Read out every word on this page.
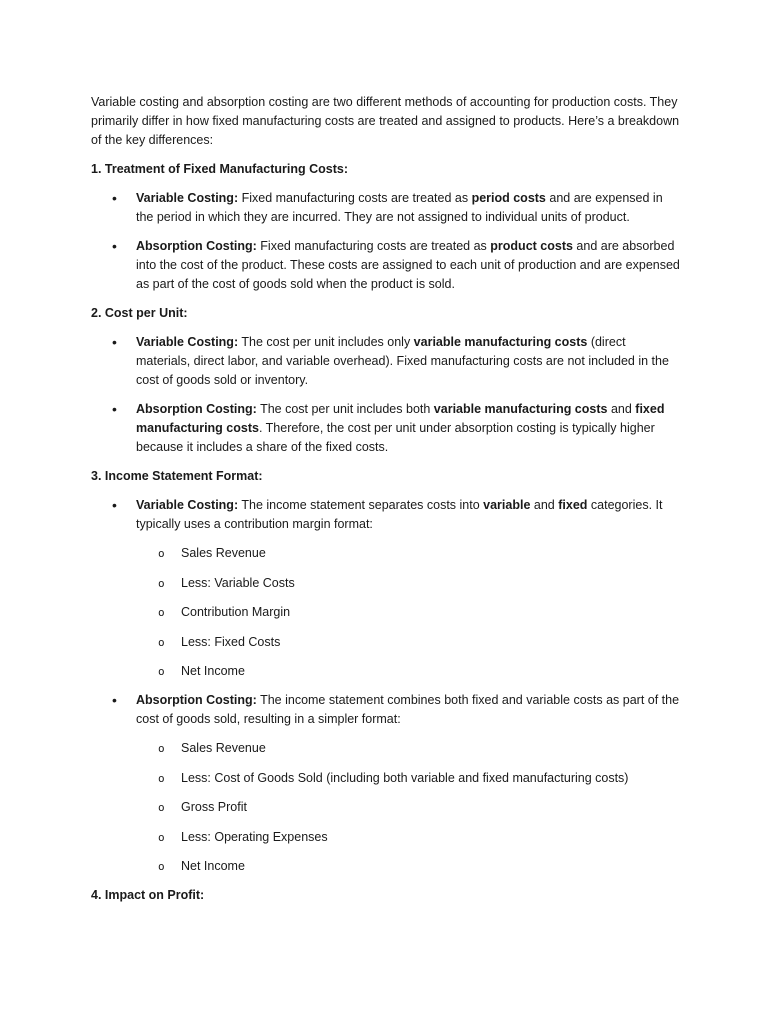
Variable costing and absorption costing are two different methods of accounting for production costs. They primarily differ in how fixed manufacturing costs are treated and assigned to products. Here’s a breakdown of the key differences:

1. Treatment of Fixed Manufacturing Costs:

• Variable Costing: Fixed manufacturing costs are treated as period costs and are expensed in the period in which they are incurred. They are not assigned to individual units of product.
• Absorption Costing: Fixed manufacturing costs are treated as product costs and are absorbed into the cost of the product. These costs are assigned to each unit of production and are expensed as part of the cost of goods sold when the product is sold.

2. Cost per Unit:

• Variable Costing: The cost per unit includes only variable manufacturing costs (direct materials, direct labor, and variable overhead). Fixed manufacturing costs are not included in the cost of goods sold or inventory.
• Absorption Costing: The cost per unit includes both variable manufacturing costs and fixed manufacturing costs. Therefore, the cost per unit under absorption costing is typically higher because it includes a share of the fixed costs.

3. Income Statement Format:

• Variable Costing: The income statement separates costs into variable and fixed categories. It typically uses a contribution margin format:
o Sales Revenue
o Less: Variable Costs
o Contribution Margin
o Less: Fixed Costs
o Net Income
• Absorption Costing: The income statement combines both fixed and variable costs as part of the cost of goods sold, resulting in a simpler format:
o Sales Revenue
o Less: Cost of Goods Sold (including both variable and fixed manufacturing costs)
o Gross Profit
o Less: Operating Expenses
o Net Income

4. Impact on Profit:
